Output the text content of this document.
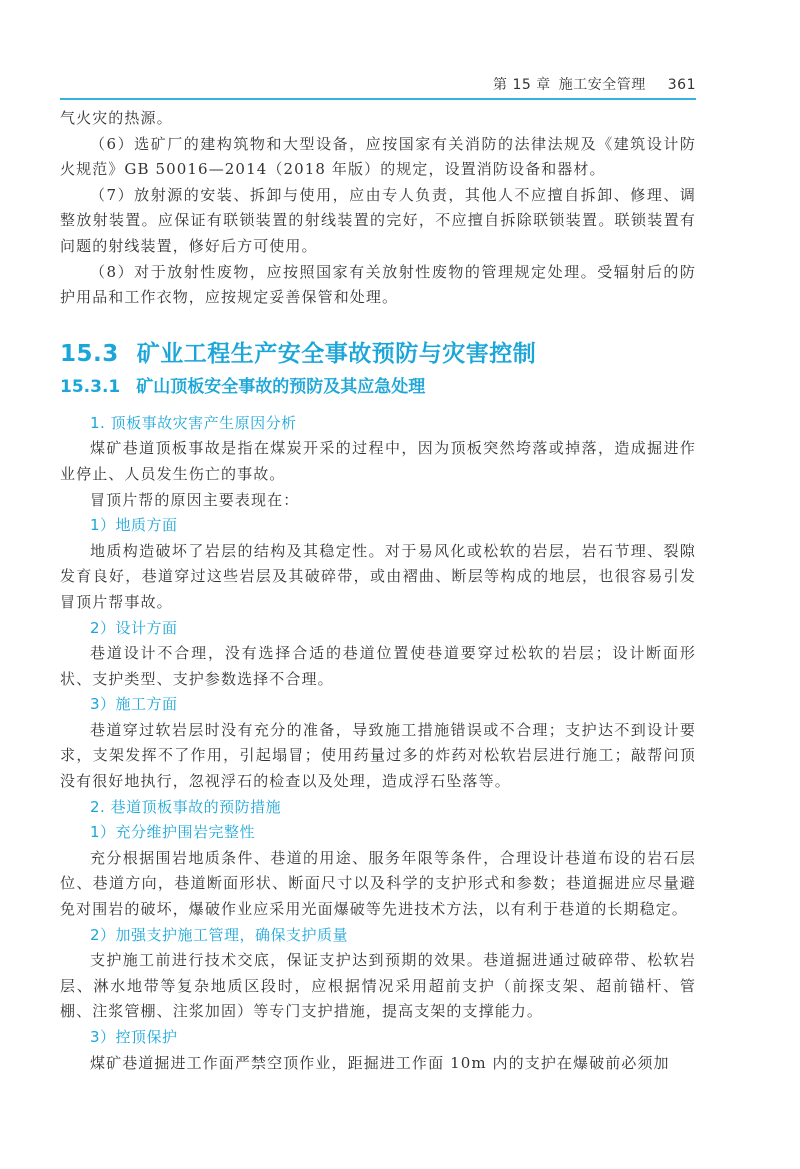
第 15 章 施工安全管理 361

气火灾的热源。

（6）选矿厂的建构筑物和大型设备，应按国家有关消防的法律法规及《建筑设计防火规范》GB 50016—2014（2018 年版）的规定，设置消防设备和器材。

（7）放射源的安装、拆卸与使用，应由专人负责，其他人不应擅自拆卸、修理、调整放射装置。应保证有联锁装置的射线装置的完好，不应擅自拆除联锁装置。联锁装置有问题的射线装置，修好后方可使用。

（8）对于放射性废物，应按照国家有关放射性废物的管理规定处理。受辐射后的防护用品和工作衣物，应按规定妥善保管和处理。

15.3 矿业工程生产安全事故预防与灾害控制
15.3.1 矿山顶板安全事故的预防及其应急处理
1. 顶板事故灾害产生原因分析

煤矿巷道顶板事故是指在煤炭开采的过程中，因为顶板突然垮落或掉落，造成掘进作业停止、人员发生伤亡的事故。

冒顶片帮的原因主要表现在：

1）地质方面

地质构造破坏了岩层的结构及其稳定性。对于易风化或松软的岩层，岩石节理、裂隙发育良好，巷道穿过这些岩层及其破碎带，或由褶曲、断层等构成的地层，也很容易引发冒顶片帮事故。

2）设计方面

巷道设计不合理，没有选择合适的巷道位置使巷道要穿过松软的岩层；设计断面形状、支护类型、支护参数选择不合理。

3）施工方面

巷道穿过软岩层时没有充分的准备，导致施工措施错误或不合理；支护达不到设计要求，支架发挥不了作用，引起塌冒；使用药量过多的炸药对松软岩层进行施工；敲帮问顶没有很好地执行，忽视浮石的检查以及处理，造成浮石坠落等。

2. 巷道顶板事故的预防措施
1）充分维护围岩完整性

充分根据围岩地质条件、巷道的用途、服务年限等条件，合理设计巷道布设的岩石层位、巷道方向，巷道断面形状、断面尺寸以及科学的支护形式和参数；巷道掘进应尽量避免对围岩的破坏，爆破作业应采用光面爆破等先进技术方法，以有利于巷道的长期稳定。

2）加强支护施工管理，确保支护质量

支护施工前进行技术交底，保证支护达到预期的效果。巷道掘进通过破碎带、松软岩层、淋水地带等复杂地质区段时，应根据情况采用超前支护（前探支架、超前锚杆、管棚、注浆管棚、注浆加固）等专门支护措施，提高支架的支撑能力。

3）控顶保护

煤矿巷道掘进工作面严禁空顶作业，距掘进工作面 10m 内的支护在爆破前必须加
